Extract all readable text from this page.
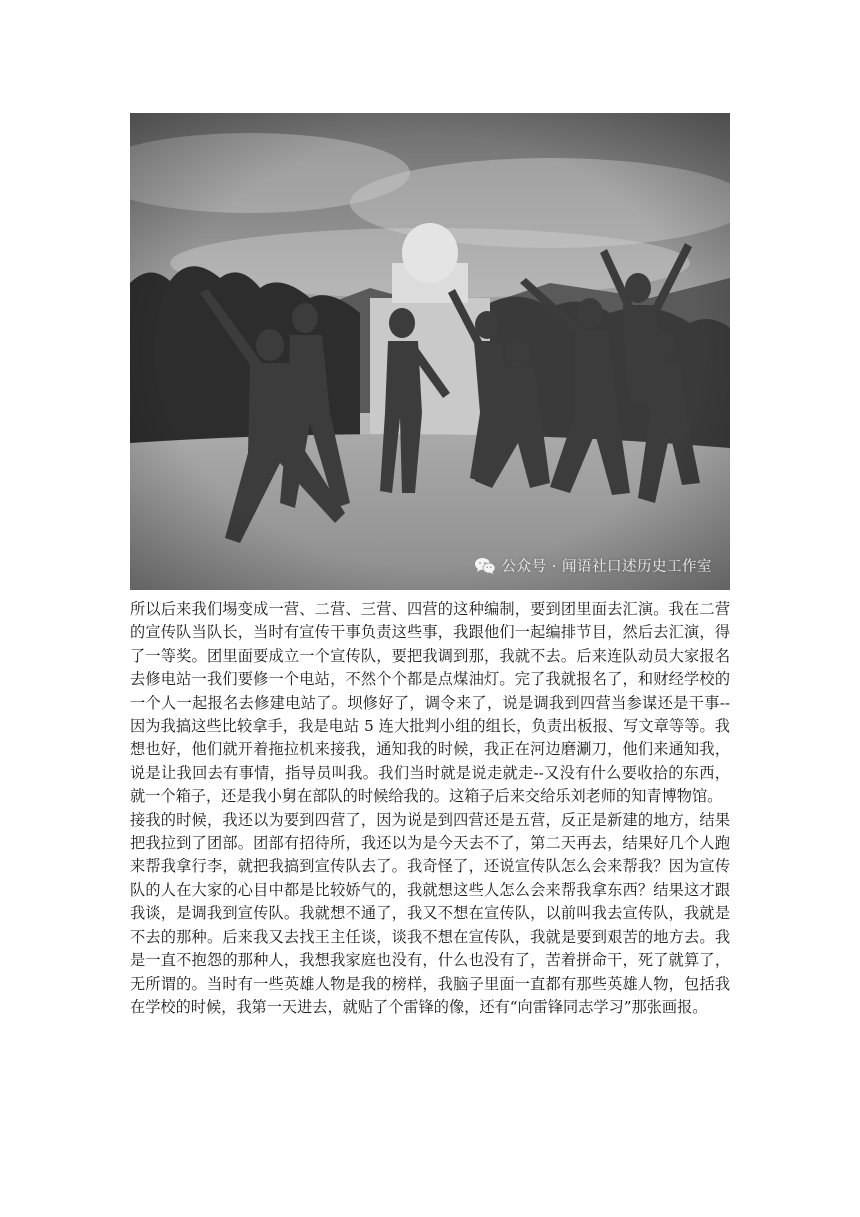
公众号 · 闻语社口述历史工作室

所以后来我们埸变成一营、二营、三营、四营的这种编制，要到团里面去汇演。我在二营的宣传队当队长，当时有宣传干事负责这些事，我跟他们一起编排节目，然后去汇演，得了一等奖。团里面要成立一个宣传队，要把我调到那，我就不去。后来连队动员大家报名去修电站一我们要修一个电站，不然个个都是点煤油灯。完了我就报名了，和财经学校的一个人一起报名去修建电站了。坝修好了，调令来了，说是调我到四营当参谋还是干事--因为我搞这些比较拿手，我是电站 5 连大批判小组的组长，负责出板报、写文章等等。我想也好，他们就开着拖拉机来接我，通知我的时候，我正在河边磨涮刀，他们来通知我，说是让我回去有事情，指导员叫我。我们当时就是说走就走--又没有什么要收拾的东西，就一个箱子，还是我小舅在部队的时候给我的。这箱子后来交给乐刘老师的知青博物馆。

接我的时候，我还以为要到四营了，因为说是到四营还是五营，反正是新建的地方，结果把我拉到了团部。团部有招待所，我还以为是今天去不了，第二天再去，结果好几个人跑来帮我拿行李，就把我搞到宣传队去了。我奇怪了，还说宣传队怎么会来帮我？因为宣传队的人在大家的心目中都是比较娇气的，我就想这些人怎么会来帮我拿东西？结果这才跟我谈，是调我到宣传队。我就想不通了，我又不想在宣传队，以前叫我去宣传队，我就是不去的那种。后来我又去找王主任谈，谈我不想在宣传队，我就是要到艰苦的地方去。我是一直不抱怨的那种人，我想我家庭也没有，什么也没有了，苦着拼命干，死了就算了，无所谓的。当时有一些英雄人物是我的榜样，我脑子里面一直都有那些英雄人物，包括我在学校的时候，我第一天进去，就贴了个雷锋的像，还有“向雷锋同志学习”那张画报。
